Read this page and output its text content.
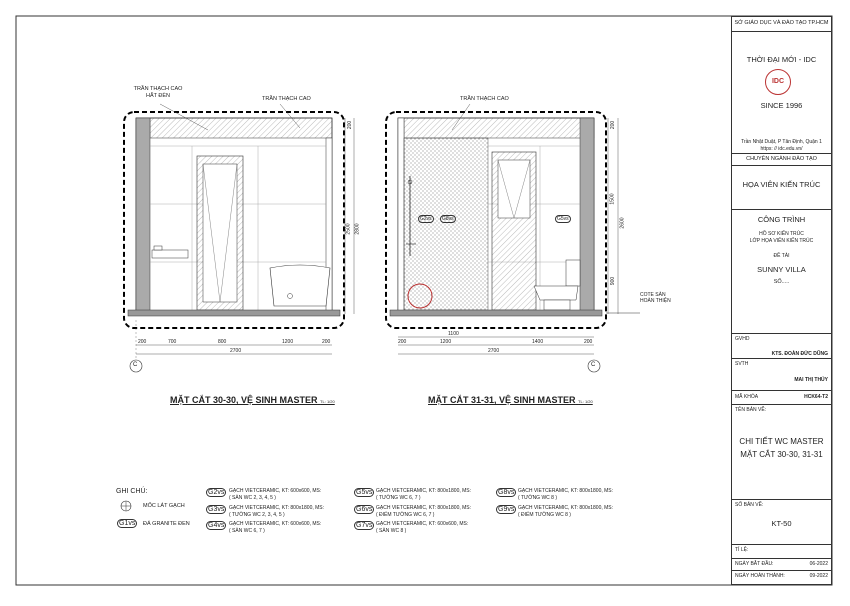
TRẦN THẠCH CAO
HẮT ĐÈN	TRẦN THẠCH CAO
MẶT CẮT 30-30, VỆ SINH MASTER TL: 1/20
200	700	800	1200	200
2700
200
2500 2800
C
TRẦN THẠCH CAO
G2vs	G8vs	G5vs
MẶT CẮT 31-31, VỆ SINH MASTER TL: 1/20
1100
200	1200	1400	200
2700
200
1500
900
2600
COTE SÀN
HOÀN THIỆN
C
GHI CHÚ:
MỐC LÁT GẠCH
G1vs	ĐÁ GRANITE ĐEN
G2vs GẠCH VIETCERAMIC, KT: 600x600, MS:
( SÀN WC 2, 3, 4, 5 )
G3vs GẠCH VIETCERAMIC, KT: 800x1800, MS:
( TƯỜNG WC 2, 3, 4, 5 )
G4vs GẠCH VIETCERAMIC, KT: 600x600, MS:
( SÀN WC 6, 7 )
G5vs GẠCH VIETCERAMIC, KT: 800x1800, MS:
( TƯỜNG WC 6, 7 )
G6vs GẠCH VIETCERAMIC, KT: 800x1800, MS:
( ĐIỂM TƯỜNG WC 6, 7 )
G7vs GẠCH VIETCERAMIC, KT: 600x600, MS:
( SÀN WC 8 )
G8vs GẠCH VIETCERAMIC, KT: 800x1800, MS:
( TƯỜNG WC 8 )
G9vs GẠCH VIETCERAMIC, KT: 800x1800, MS:
( ĐIỂM TƯỜNG WC 8 )
SỞ GIÁO DỤC VÀ ĐÀO TẠO TP.HCM
THỜI ĐẠI MỚI - IDC
IDC
SINCE 1996
Trần Nhật Duật, P Tân Định, Quận 1
https: // idc.edu.vn/
CHUYÊN NGÀNH ĐÀO TẠO
HỌA VIÊN KIẾN TRÚC
CÔNG TRÌNH
HỒ SƠ KIẾN TRÚC
LỚP HỌA VIÊN KIẾN TRÚC
ĐỀ TÀI
SUNNY VILLA
SỐ.....
GVHD
KTS. ĐOÀN ĐỨC DŨNG
SVTH
MAI THỊ THÚY
MÃ KHÓA	HCK64-T2
TÊN BẢN VẼ:
CHI TIẾT WC MASTER
MẶT CẮT 30-30, 31-31
SỐ BẢN VẼ:
KT-50
TỈ LỆ:
NGÀY BẮT ĐẦU:	06-2022
NGÀY HOÀN THÀNH:	09-2022
